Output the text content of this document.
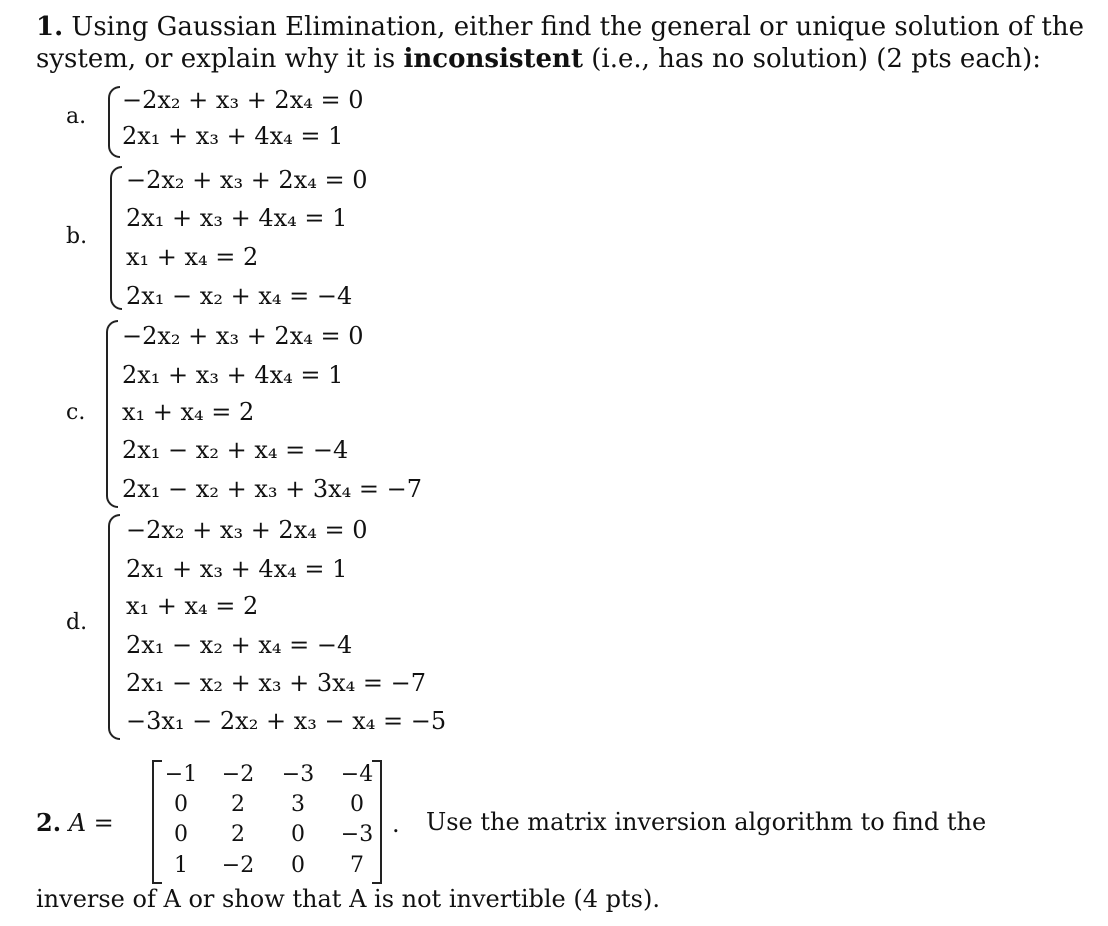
1. Using Gaussian Elimination, either find the general or unique solution of the
system, or explain why it is inconsistent (i.e., has no solution) (2 pts each):
a.
−2x₂ + x₃ + 2x₄ = 0
2x₁ + x₃ + 4x₄ = 1
b.
−2x₂ + x₃ + 2x₄ = 0
2x₁ + x₃ + 4x₄ = 1
x₁ + x₄ = 2
2x₁ − x₂ + x₄ = −4
c.
−2x₂ + x₃ + 2x₄ = 0
2x₁ + x₃ + 4x₄ = 1
x₁ + x₄ = 2
2x₁ − x₂ + x₄ = −4
2x₁ − x₂ + x₃ + 3x₄ = −7
d.
−2x₂ + x₃ + 2x₄ = 0
2x₁ + x₃ + 4x₄ = 1
x₁ + x₄ = 2
2x₁ − x₂ + x₄ = −4
2x₁ − x₂ + x₃ + 3x₄ = −7
−3x₁ − 2x₂ + x₃ − x₄ = −5
2. A =
−1 −2 −3 −4
0	2	3	0
0	2	0	−3
1	−2	0	7
. Use the matrix inversion algorithm to find the
inverse of A or show that A is not invertible (4 pts).
